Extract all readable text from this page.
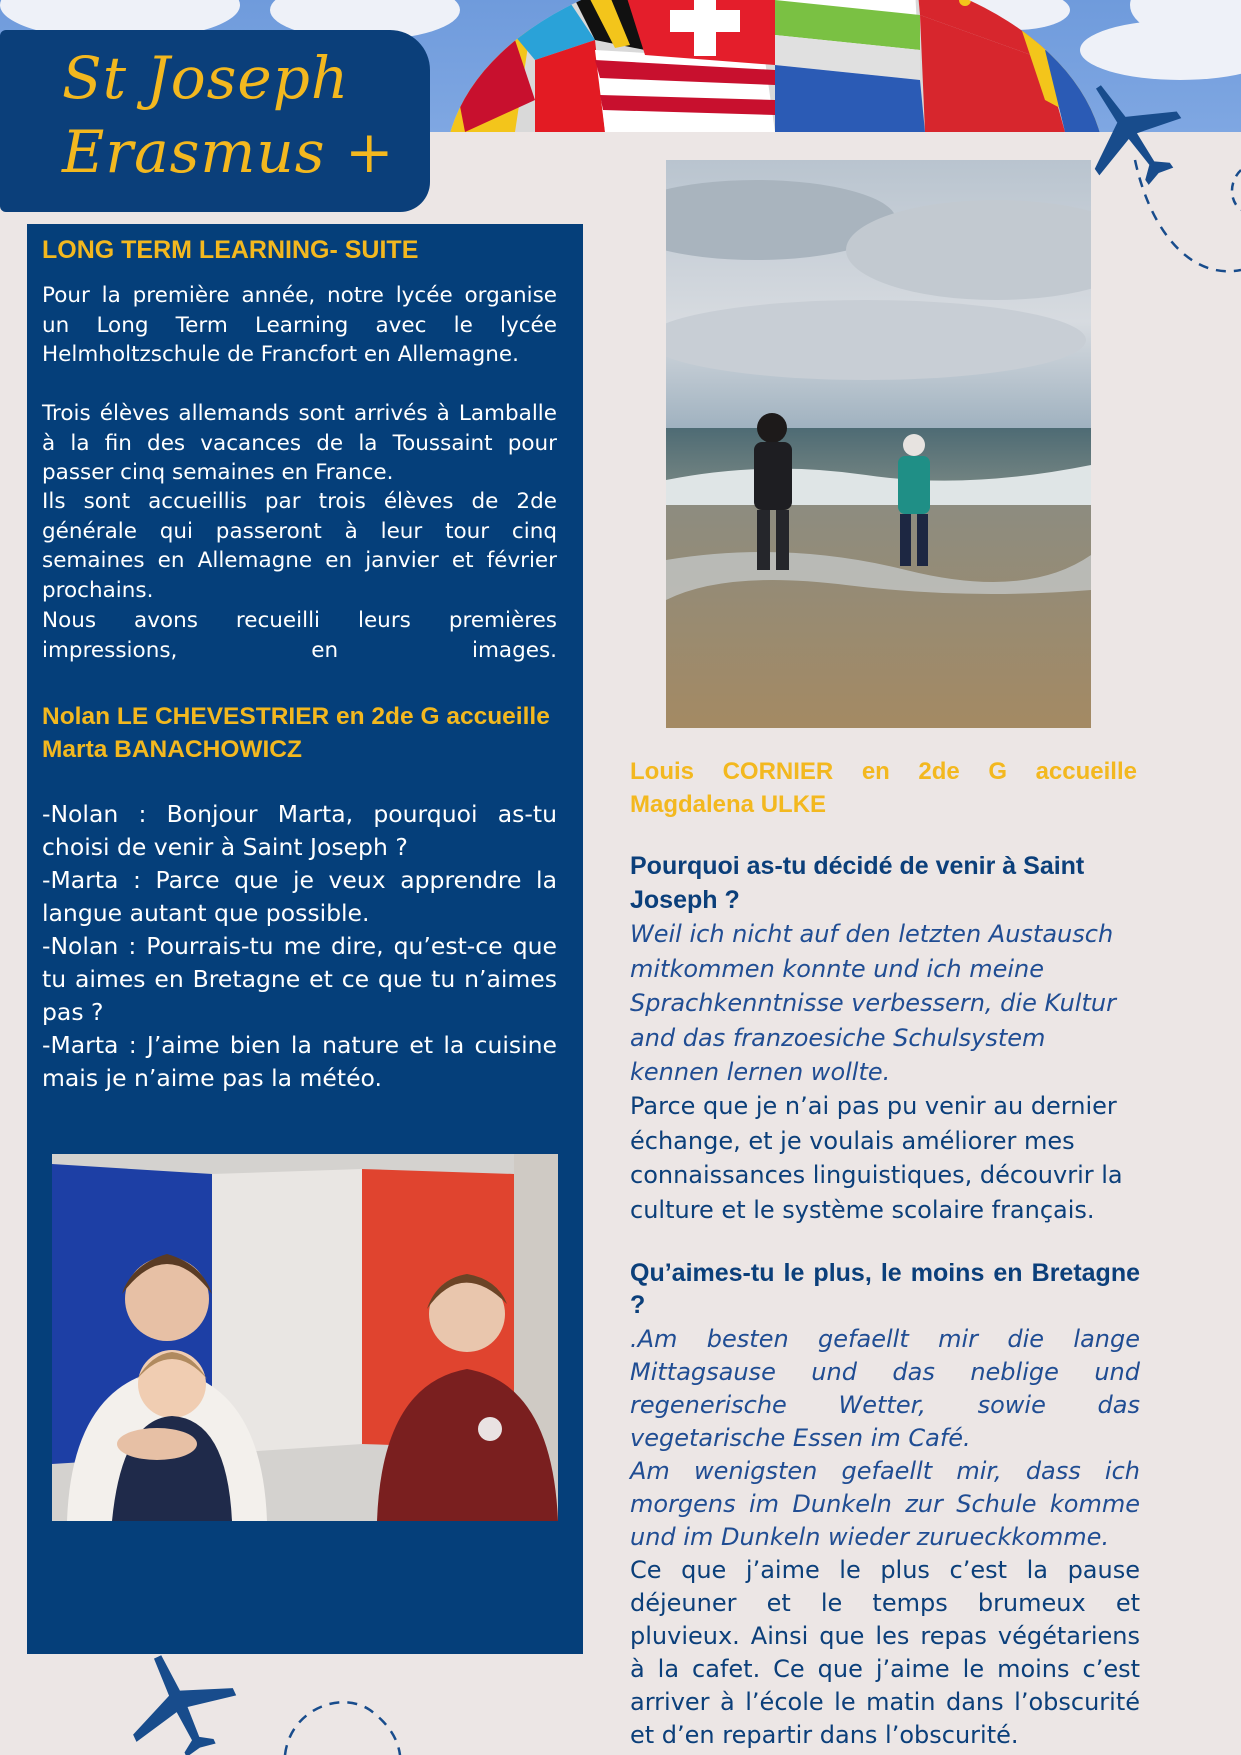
St Joseph
Erasmus +
LONG TERM LEARNING- SUITE
Pour la première année, notre lycée organise un Long Term Learning avec le lycée Helmholtzschule de Francfort en Allemagne.
Trois élèves allemands sont arrivés à Lamballe à la fin des vacances de la Toussaint pour passer cinq semaines en France.
Ils sont accueillis par trois élèves de 2de générale qui passeront à leur tour cinq semaines en Allemagne en janvier et février prochains.
Nous avons recueilli leurs premières impressions, en images.
Nolan LE CHEVESTRIER en 2de G accueille Marta BANACHOWICZ
-Nolan : Bonjour Marta, pourquoi as-tu choisi de venir à Saint Joseph ?
-Marta : Parce que je veux apprendre la langue autant que possible.
-Nolan : Pourrais-tu me dire, qu’est-ce que tu aimes en Bretagne et ce que tu n’aimes pas ?
-Marta : J’aime bien la nature et la cuisine mais je n’aime pas la météo.
Louis CORNIER en 2de G accueille Magdalena ULKE
Pourquoi as-tu décidé de venir à Saint Joseph ?
Weil ich nicht auf den letzten Austausch mitkommen konnte und ich meine Sprachkenntnisse verbessern, die Kultur and das franzoesiche Schulsystem kennen lernen wollte.
Parce que je n’ai pas pu venir au dernier échange, et je voulais améliorer mes connaissances linguistiques, découvrir la culture et le système scolaire français.
Qu’aimes-tu le plus, le moins en Bretagne ?
.Am besten gefaellt mir die lange Mittagsause und das neblige und regenerische Wetter, sowie das vegetarische Essen im Café.
Am wenigsten gefaellt mir, dass ich morgens im Dunkeln zur Schule komme und im Dunkeln wieder zurueckkomme.
Ce que j’aime le plus c’est la pause déjeuner et le temps brumeux et pluvieux. Ainsi que les repas végétariens à la cafet. Ce que j’aime le moins c’est arriver à l’école le matin dans l’obscurité et d’en repartir dans l’obscurité.
